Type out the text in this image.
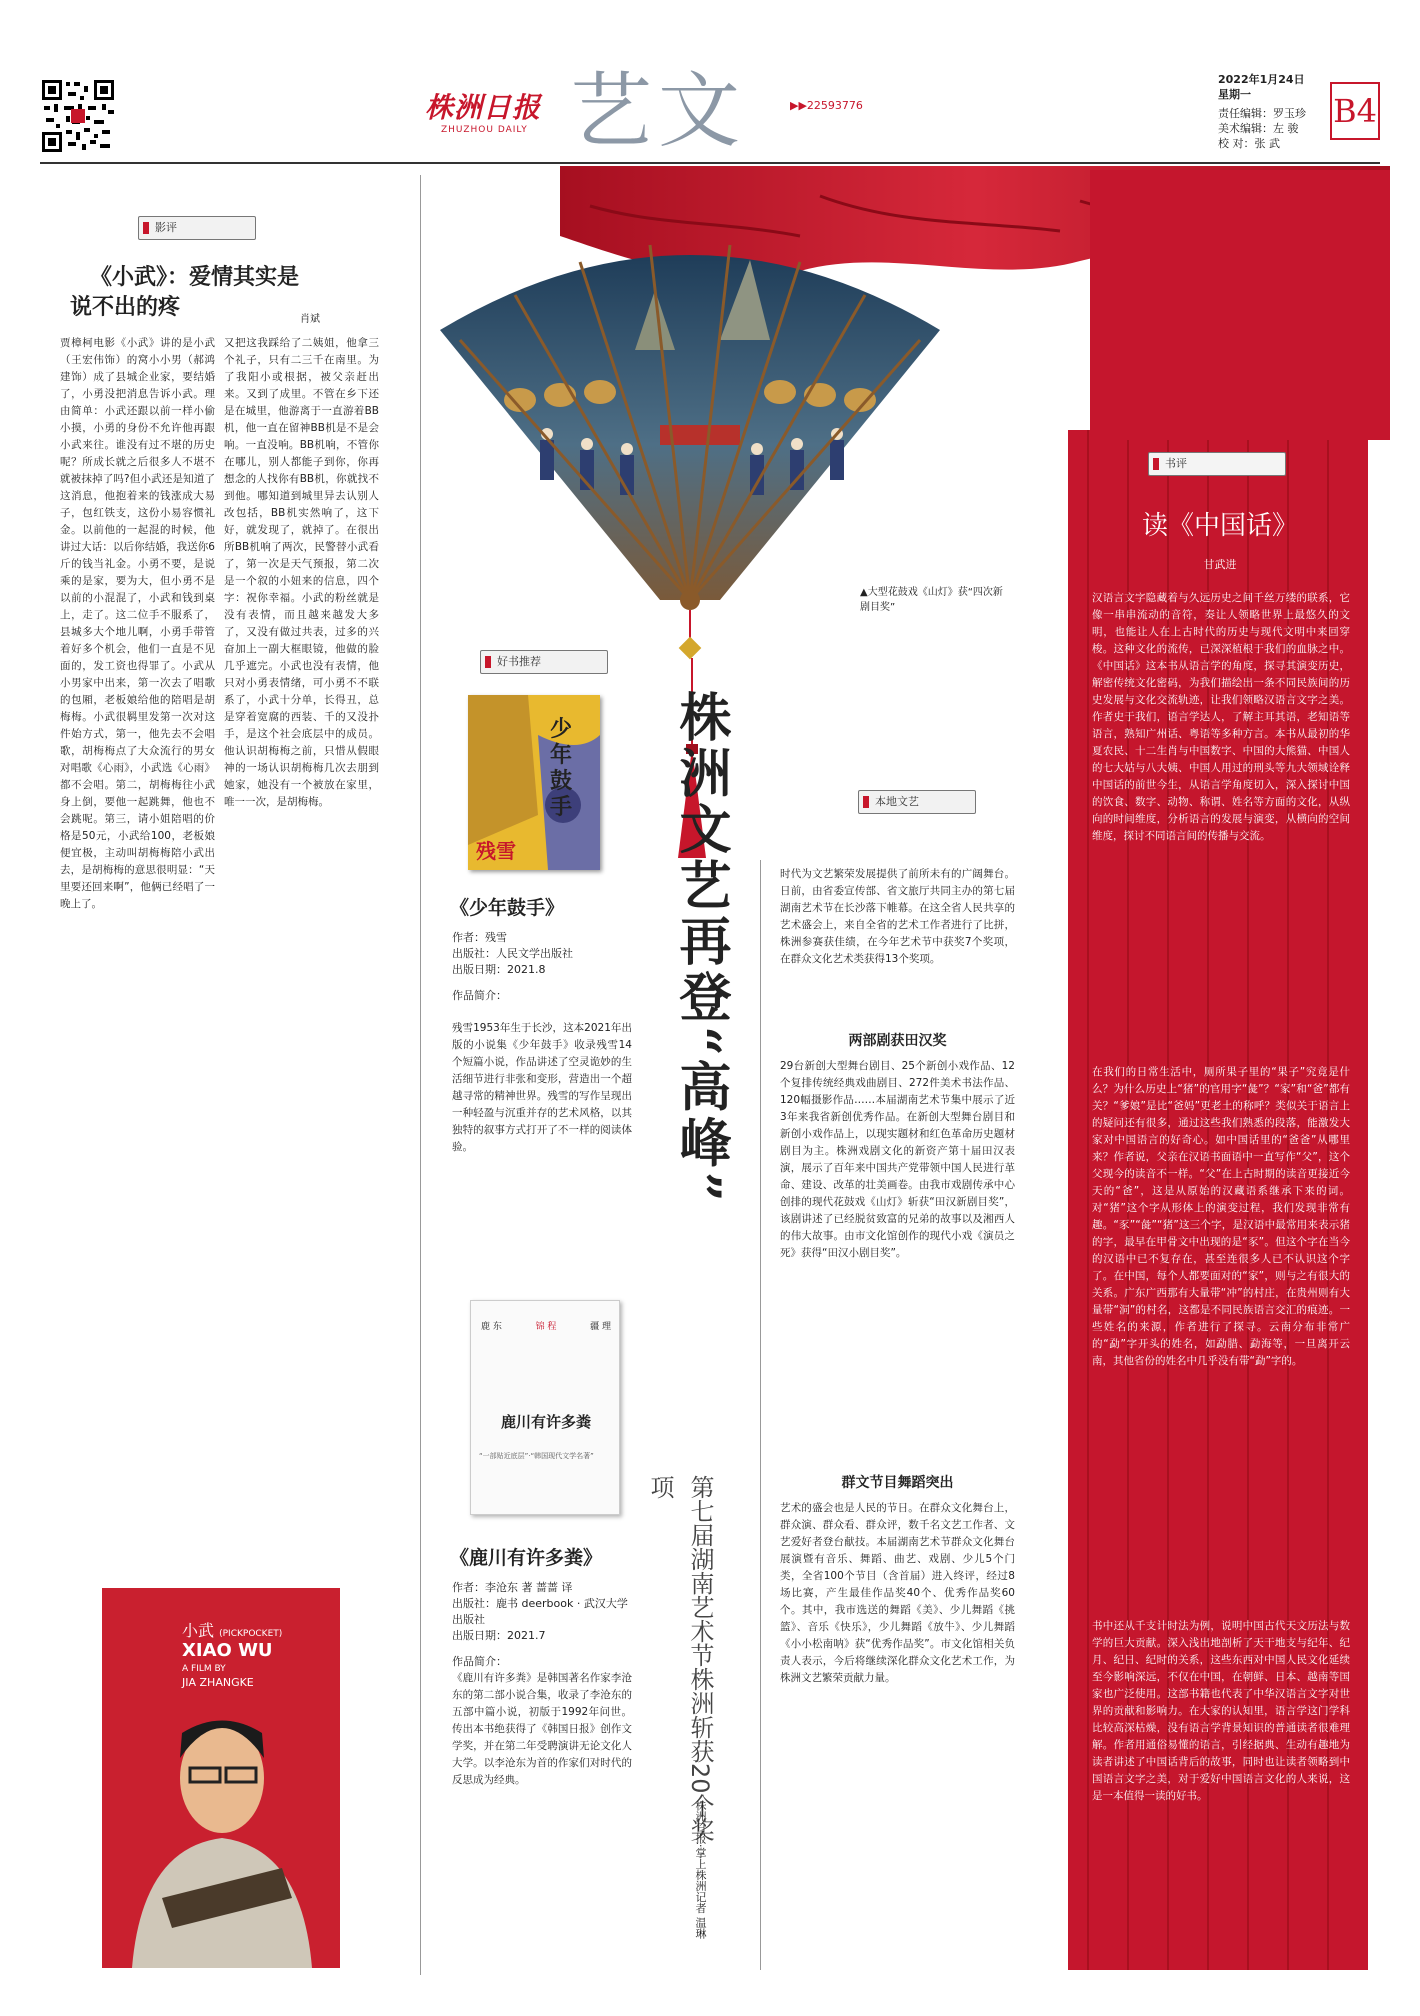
株洲日报
ZHUZHOU DAILY 艺文	▶▶22593776
2022年1月24日
星期一
责任编辑：罗玉珍
美术编辑：左 骏
校 对：张 武
B4
▲大型花鼓戏《山灯》获“四次新剧目奖”
影评
《小武》：爱情其实是
说不出的疼	肖斌
贾樟柯电影《小武》讲的是小武（王宏伟饰）的窝小小男（郝鸿建饰）成了县城企业家，要结婚了，小勇没把消息告诉小武。理由简单：小武还跟以前一样小偷小摸，小勇的身份不允许他再跟小武来往。谁没有过不堪的历史呢？所成长就之后很多人不堪不就被抹掉了吗?但小武还是知道了这消息，他抱着来的钱涨成大易子，包红铁支，这份小易容惯礼金。以前他的一起混的时候，他讲过大话：以后你结婚，我送你6斤的钱当礼金。小勇不要，是说乘的是家，要为大，但小勇不是以前的小混混了，小武和钱到桌上，走了。这二位手不服系了，县城多大个地儿啊，小勇手带管着好多个机会，他们一直是不见面的，发工资也得罪了。小武从小男家中出来，第一次去了唱歌的包厢，老板娘给他的陪唱是胡梅梅。小武很羁里发第一次对这件始方式，第一，他先去不会唱歌，胡梅梅点了大众流行的男女对唱歌《心雨》，小武选《心雨》都不会唱。第二，胡梅梅往小武身上倒，要他一起跳舞，他也不会跳呢。第三，请小姐陪唱的价格是50元，小武给100，老板娘便宜极，主动叫胡梅梅陪小武出去，是胡梅梅的意思很明显：“天里要还回来啊”，他俩已经唱了一晚上了。
又把这我踩给了二姨姐，他拿三个礼子，只有二三千在南里。为了我阳小或根据，被父亲赶出来。又到了成里。不管在乡下还是在城里，他游离于一直游着BB机，他一直在留神BB机是不是会响。一直没响。BB机响，不管你在哪儿，别人都能子到你，你再想念的人找你有BB机，你就找不到他。哪知道到城里异去认别人改包括，BB机实然响了，这下好，就发现了，就掉了。在很出所BB机响了两次，民警替小武看了，第一次是天气预报，第二次是一个叙的小妞来的信息，四个字：祝你幸福。小武的粉丝就是没有表情，而且越来越发大多了，又没有做过共表，过多的兴奋加上一副大框眼镜，他做的脸几乎遮完。小武也没有表情，他只对小勇表情绪，可小勇不不联系了，小武十分单，长得丑，总是穿着宽腐的西装、千的又没扑手，是这个社会底层中的成员。他认识胡梅梅之前，只惜从假眼神的一场认识胡梅梅几次去朋到她家，她没有一个被放在家里，唯一一次，是胡梅梅。
小武 (PICKPOCKET)
XIAO WU
A FILM BY
JIA ZHANGKE
好书推荐
少年鼓手
残雪
《少年鼓手》
作者：残雪
出版社：人民文学出版社
出版日期：2021.8
作品简介：
残雪1953年生于长沙，这本2021年出版的小说集《少年鼓手》收录残雪14个短篇小说，作品讲述了空灵诡妙的生活细节进行非张和变形，营造出一个超越寻常的精神世界。残雪的写作呈现出一种轻盈与沉重并存的艺术风格，以其独特的叙事方式打开了不一样的阅读体验。
鹿 东	锦 程	疆 理
鹿川有许多粪
“一部贴近底层”·“韩国现代文学名著”
《鹿川有许多粪》
作者：李沧东 著 蔷蔷 译
出版社：鹿书 deerbook · 武汉大学出版社
出版日期：2021.7
作品简介：
《鹿川有许多粪》是韩国著名作家李沧东的第二部小说合集，收录了李沧东的五部中篇小说，初版于1992年问世。传出本书绝获得了《韩国日报》创作文学奖，并在第二年受聘演讲无论文化人大学。以李沧东为首的作家们对时代的反思成为经典。
株洲文艺再登“高峰”
第七届湖南艺术节株洲斩获20个奖项
株洲日报·掌上株洲记者 温琳
本地文艺
时代为文艺繁荣发展提供了前所未有的广阔舞台。日前，由省委宣传部、省文旅厅共同主办的第七届湖南艺术节在长沙落下帷幕。在这全省人民共享的艺术盛会上，来自全省的艺术工作者进行了比拼，株洲参赛获佳绩，在今年艺术节中获奖7个奖项，在群众文化艺术类获得13个奖项。
两部剧获田汉奖
29台新创大型舞台剧目、25个新创小戏作品、12个复排传统经典戏曲剧目、272件美术书法作品、120幅摄影作品……本届湖南艺术节集中展示了近3年来我省新创优秀作品。在新创大型舞台剧目和新创小戏作品上，以现实题材和红色革命历史题材剧目为主。株洲戏剧文化的新资产第十届田汉表演，展示了百年来中国共产党带领中国人民进行革命、建设、改革的壮美画卷。由我市戏剧传承中心创排的现代花鼓戏《山灯》斩获“田汉新剧目奖”，该剧讲述了已经脱贫致富的兄弟的故事以及湘西人的伟大故事。由市文化馆创作的现代小戏《演员之死》获得“田汉小剧目奖”。
群文节目舞蹈突出
艺术的盛会也是人民的节日。在群众文化舞台上，群众演、群众看、群众评，数千名文艺工作者、文艺爱好者登台献技。本届湖南艺术节群众文化舞台展演暨有音乐、舞蹈、曲艺、戏剧、少儿5个门类，全省100个节目（含首届）进入终评，经过8场比赛，产生最佳作品奖40个、优秀作品奖60个。其中，我市选送的舞蹈《美》、少儿舞蹈《挑篮》、音乐《快乐》，少儿舞蹈《放牛》、少儿舞蹈《小小松南呐》获“优秀作品奖”。市文化馆相关负责人表示，今后将继续深化群众文化艺术工作，为株洲文艺繁荣贡献力量。
书评
读《中国话》
甘武进
汉语言文字隐藏着与久远历史之间千丝万缕的联系，它像一串串流动的音符，奏让人领略世界上最悠久的文明，也能让人在上古时代的历史与现代文明中来回穿梭。这种文化的流传，已深深植根于我们的血脉之中。《中国话》这本书从语言学的角度，探寻其演变历史，解密传统文化密码，为我们描绘出一条不同民族间的历史发展与文化交流轨迹，让我们领略汉语言文字之美。作者史于我们，语言学达人，了解主耳其语，老知语等语言，熟知广州话、粤语等多种方言。本书从最初的华夏农民、十二生肖与中国数字、中国的大熊猫、中国人的七大姑与八大姨、中国人用过的刑头等九大领域诠释中国话的前世今生，从语言学角度切入，深入探讨中国的饮食、数字、动物、称谓、姓名等方面的文化，从纵向的时间维度，分析语言的发展与演变，从横向的空间维度，探讨不同语言间的传播与交流。
在我们的日常生活中，厕所果子里的“果子”究竟是什么？为什么历史上“猪”的官用字“彘”？“家”和“爸”都有关？“爹娘”是比“爸妈”更老土的称呼？类似关于语言上的疑问还有很多，通过这些我们熟悉的段落，能激发大家对中国语言的好奇心。如中国话里的“爸爸”从哪里来？作者说，父亲在汉语书面语中一直写作“父”，这个父现今的读音不一样。“父”在上古时期的读音更接近今天的“爸”，这是从原始的汉藏语系继承下来的词。对“猪”这个字从形体上的演变过程，我们发现非常有趣。“豕”“彘”“猪”这三个字，是汉语中最常用来表示猪的字，最早在甲骨文中出现的是“豕”。但这个字在当今的汉语中已不复存在，甚至连很多人已不认识这个字了。在中国，每个人都要面对的“家”，则与之有很大的关系。广东广西那有大量带“冲”的村庄，在贵州则有大量带“洞”的村名，这都是不同民族语言交汇的痕迹。一些姓名的来源，作者进行了探寻。云南分布非常广的“勐”字开头的姓名，如勐腊、勐海等，一旦离开云南，其他省份的姓名中几乎没有带“勐”字的。
书中还从千支计时法为例，说明中国古代天文历法与数学的巨大贡献。深入浅出地剖析了天干地支与纪年、纪月、纪日、纪时的关系，这些东西对中国人民文化延续至今影响深远，不仅在中国，在朝鲜、日本、越南等国家也广泛使用。这部书籍也代表了中华汉语言文字对世界的贡献和影响力。在大家的认知里，语言学这门学科比较高深枯燥，没有语言学背景知识的普通读者很难理解。作者用通俗易懂的语言，引经据典、生动有趣地为读者讲述了中国话背后的故事，同时也让读者领略到中国语言文字之美，对于爱好中国语言文化的人来说，这是一本值得一读的好书。
